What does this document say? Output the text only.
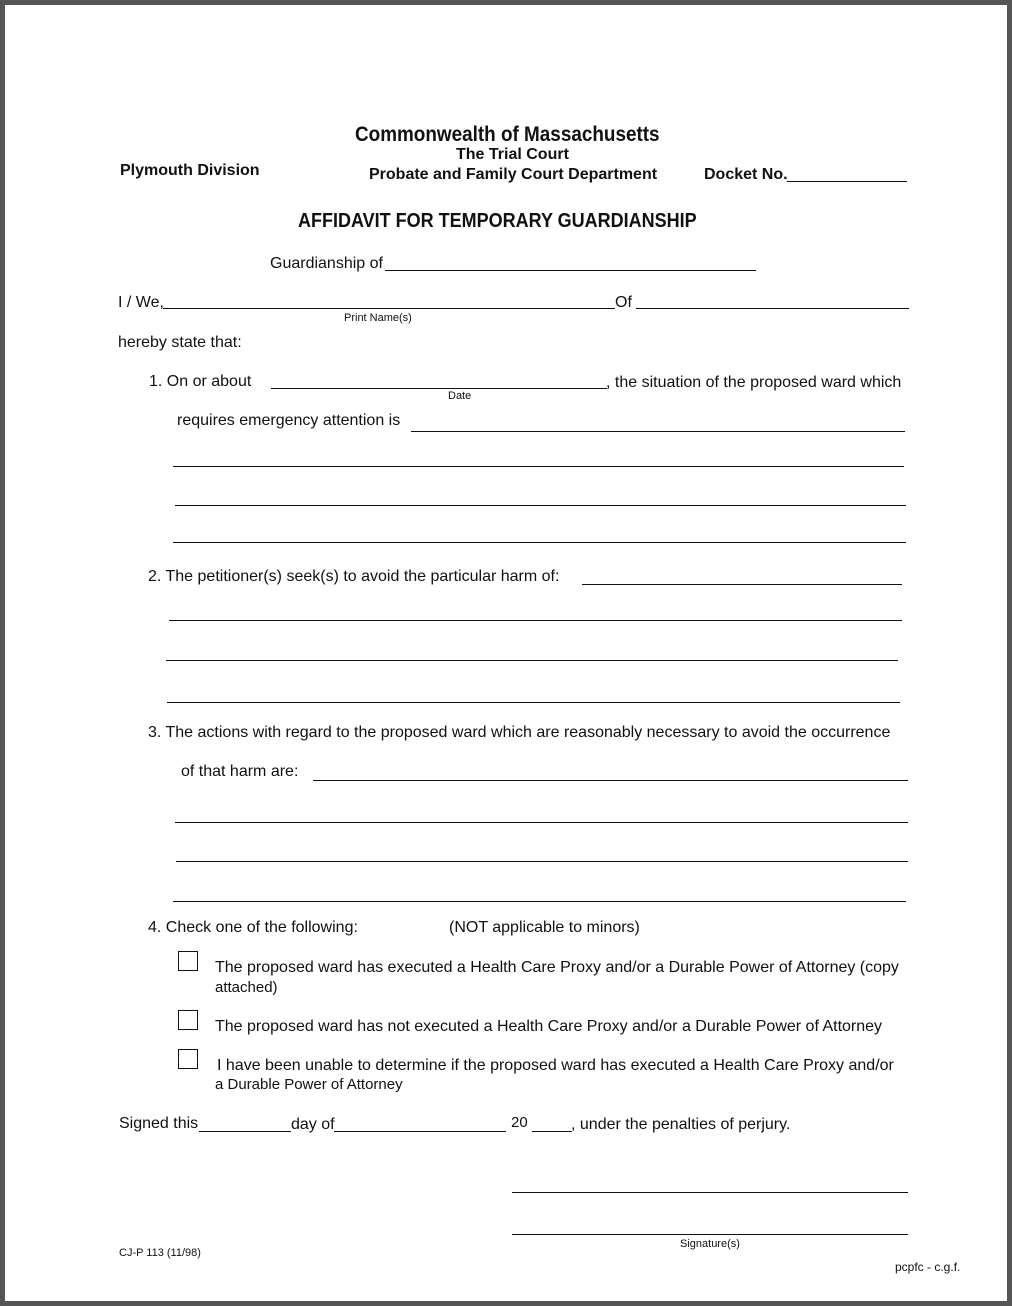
Commonwealth of Massachusetts
The Trial Court
Plymouth Division	Probate and Family Court Department	Docket No.
AFFIDAVIT FOR TEMPORARY GUARDIANSHIP
Guardianship of
I / We,
Print Name(s)
Of
hereby state that:
1. On or about
Date
, the situation of the proposed ward which
requires emergency attention is
2. The petitioner(s) seek(s) to avoid the particular harm of:
3. The actions with regard to the proposed ward which are reasonably necessary to avoid the occurrence
of that harm are:
4. Check one of the following:	(NOT applicable to minors)
The proposed ward has executed a Health Care Proxy and/or a Durable Power of Attorney (copy
attached)
The proposed ward has not executed a Health Care Proxy and/or a Durable Power of Attorney
I have been unable to determine if the proposed ward has executed a Health Care Proxy and/or
a Durable Power of Attorney
Signed this	day of	20	, under the penalties of perjury.
Signature(s)
CJ-P 113 (11/98)
pcpfc - c.g.f.
